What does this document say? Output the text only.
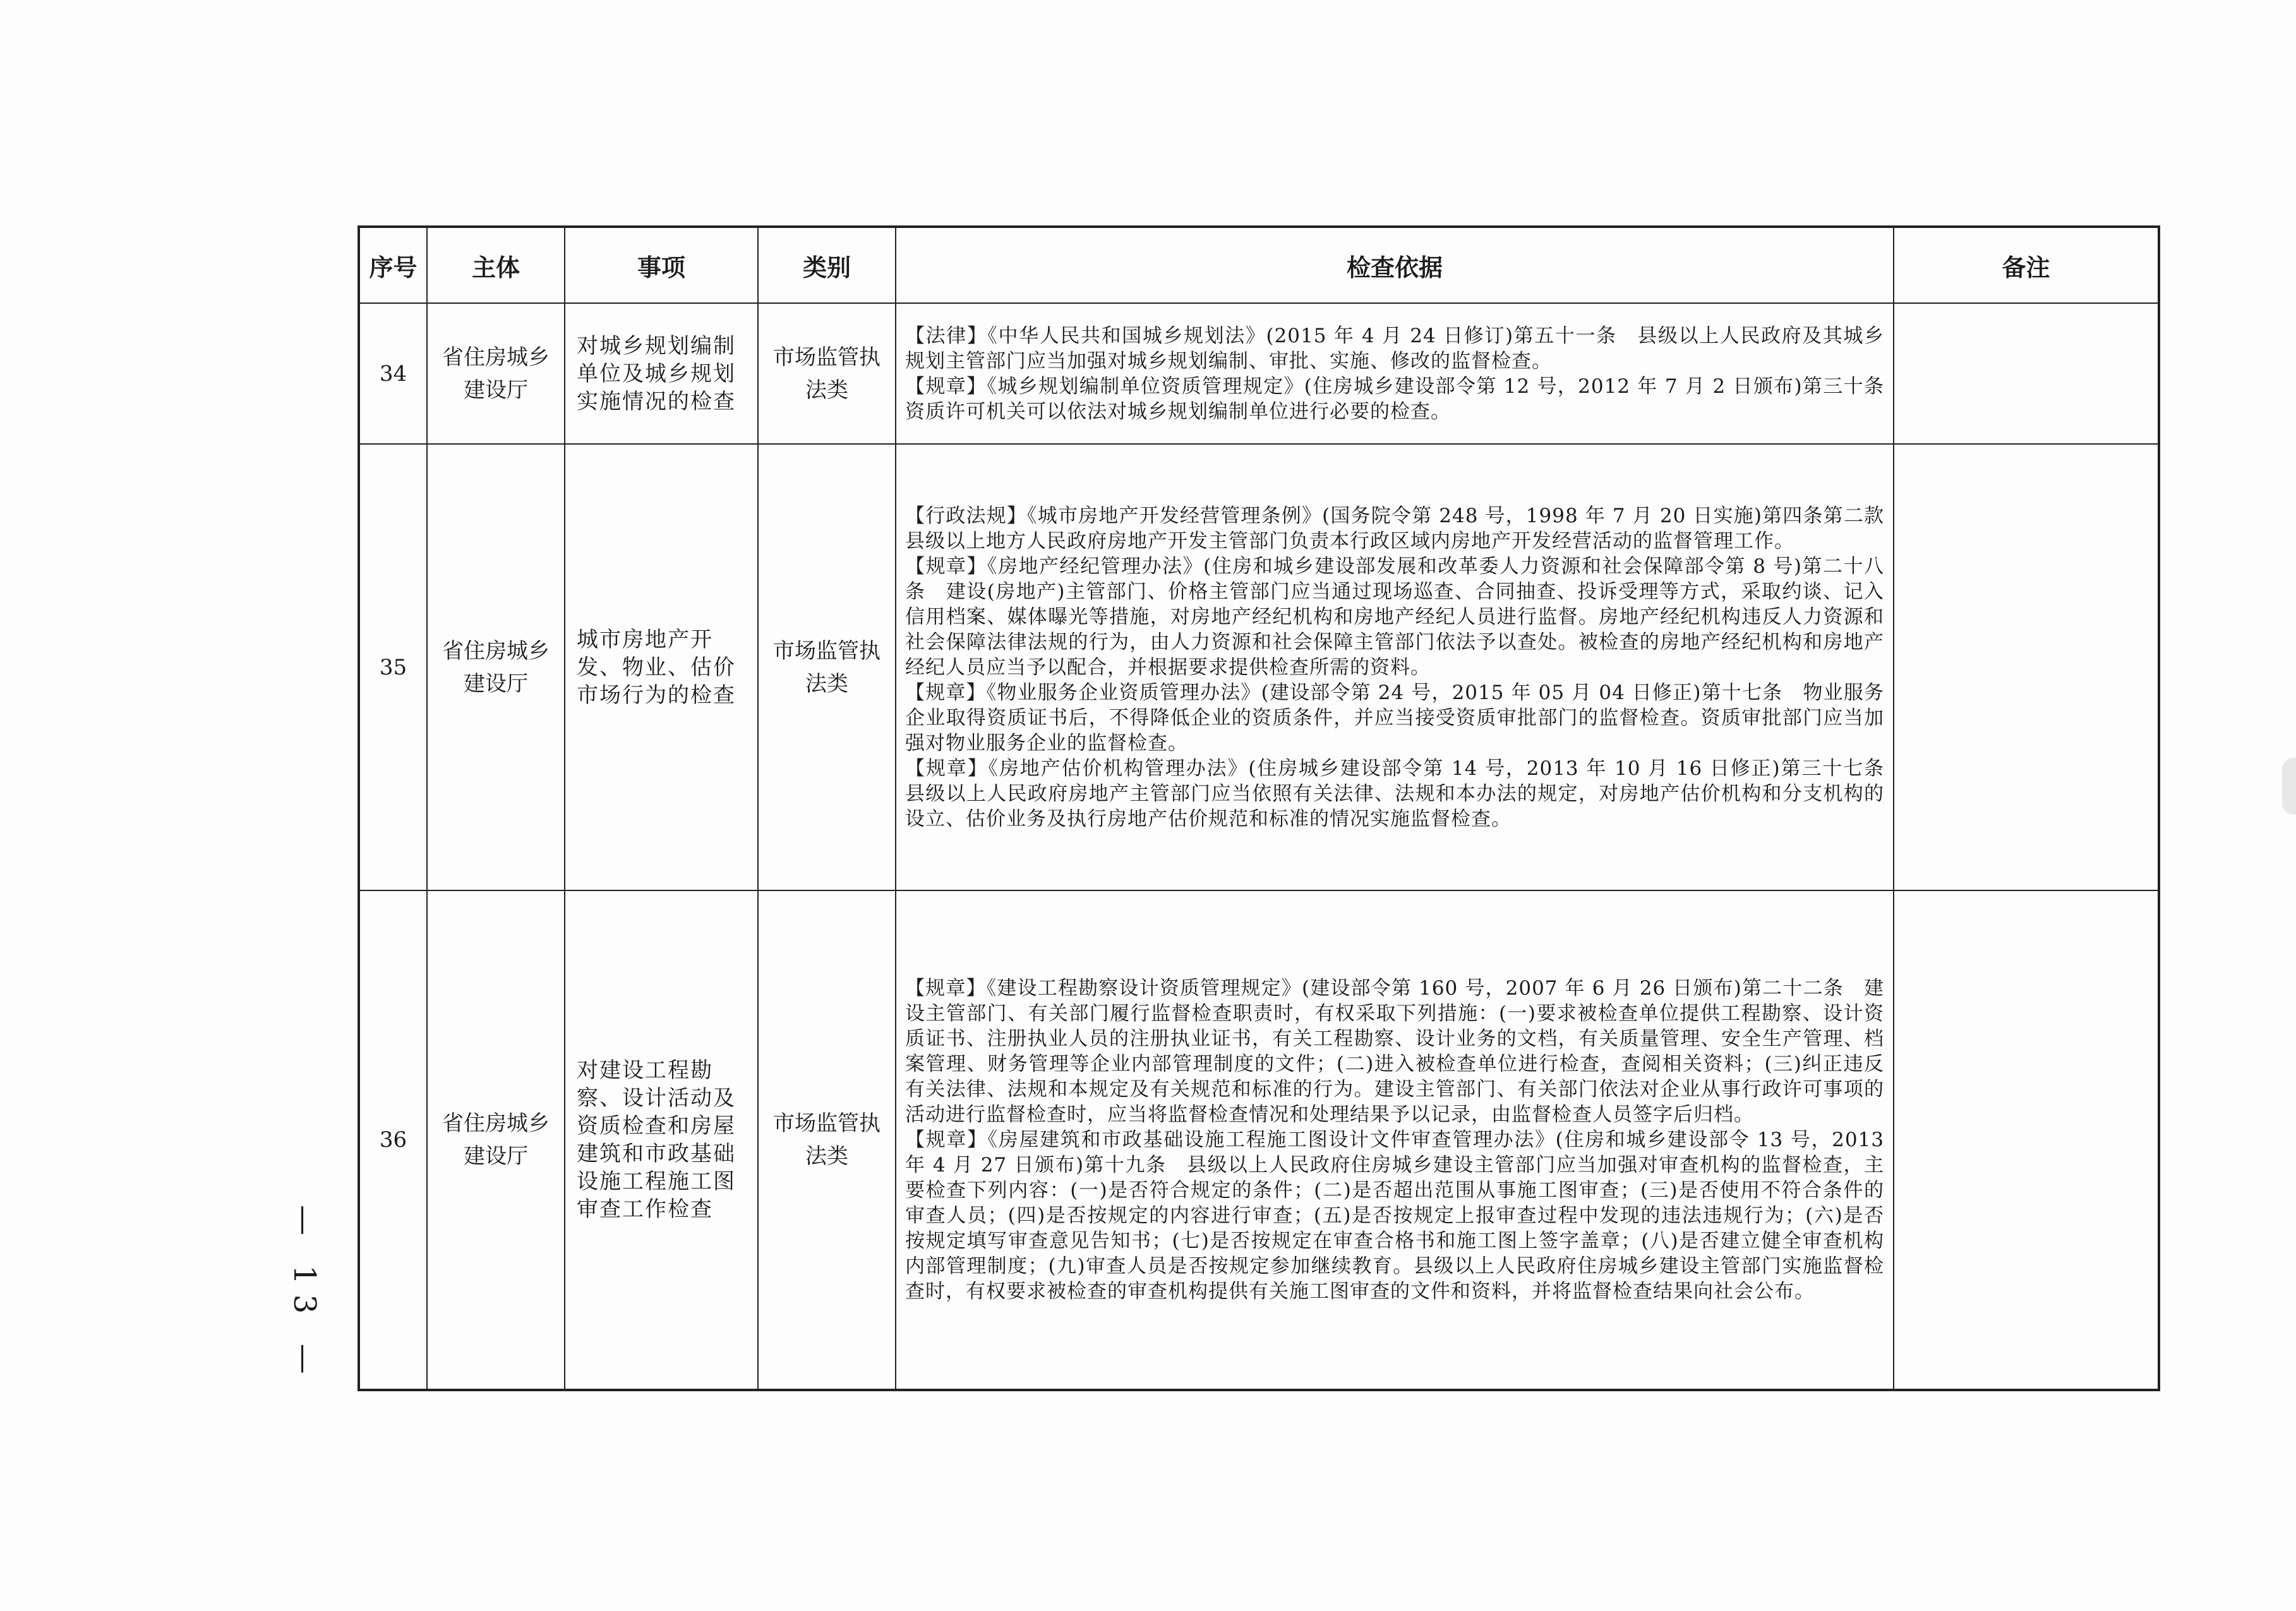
序号	主体	事项	类别	检查依据	备注
34	省住房城乡建设厅	对城乡规划编制单位及城乡规划实施情况的检查	市场监管执法类	【法律】《中华人民共和国城乡规划法》(2015 年 4 月 24 日修订)第五十一条　县级以上人民政府及其城乡规划主管部门应当加强对城乡规划编制、审批、实施、修改的监督检查。

【规章】《城乡规划编制单位资质管理规定》(住房城乡建设部令第 12 号，2012 年 7 月 2 日颁布)第三十条　资质许可机关可以依法对城乡规划编制单位进行必要的检查。	

35	省住房城乡建设厅	城市房地产开发、物业、估价市场行为的检查	市场监管执法类	【行政法规】《城市房地产开发经营管理条例》(国务院令第 248 号，1998 年 7 月 20 日实施)第四条第二款　县级以上地方人民政府房地产开发主管部门负责本行政区域内房地产开发经营活动的监督管理工作。

【规章】《房地产经纪管理办法》(住房和城乡建设部发展和改革委人力资源和社会保障部令第 8 号)第二十八条　建设(房地产)主管部门、价格主管部门应当通过现场巡查、合同抽查、投诉受理等方式，采取约谈、记入信用档案、媒体曝光等措施，对房地产经纪机构和房地产经纪人员进行监督。房地产经纪机构违反人力资源和社会保障法律法规的行为，由人力资源和社会保障主管部门依法予以查处。被检查的房地产经纪机构和房地产经纪人员应当予以配合，并根据要求提供检查所需的资料。

【规章】《物业服务企业资质管理办法》(建设部令第 24 号，2015 年 05 月 04 日修正)第十七条　物业服务企业取得资质证书后，不得降低企业的资质条件，并应当接受资质审批部门的监督检查。资质审批部门应当加强对物业服务企业的监督检查。

【规章】《房地产估价机构管理办法》(住房城乡建设部令第 14 号，2013 年 10 月 16 日修正)第三十七条　县级以上人民政府房地产主管部门应当依照有关法律、法规和本办法的规定，对房地产估价机构和分支机构的设立、估价业务及执行房地产估价规范和标准的情况实施监督检查。	

36	省住房城乡建设厅	对建设工程勘察、设计活动及资质检查和房屋建筑和市政基础设施工程施工图审查工作检查	市场监管执法类	【规章】《建设工程勘察设计资质管理规定》(建设部令第 160 号，2007 年 6 月 26 日颁布)第二十二条　建设主管部门、有关部门履行监督检查职责时，有权采取下列措施：(一)要求被检查单位提供工程勘察、设计资质证书、注册执业人员的注册执业证书，有关工程勘察、设计业务的文档，有关质量管理、安全生产管理、档案管理、财务管理等企业内部管理制度的文件；(二)进入被检查单位进行检查，查阅相关资料；(三)纠正违反有关法律、法规和本规定及有关规范和标准的行为。建设主管部门、有关部门依法对企业从事行政许可事项的活动进行监督检查时，应当将监督检查情况和处理结果予以记录，由监督检查人员签字后归档。

【规章】《房屋建筑和市政基础设施工程施工图设计文件审查管理办法》(住房和城乡建设部令 13 号，2013 年 4 月 27 日颁布)第十九条　县级以上人民政府住房城乡建设主管部门应当加强对审查机构的监督检查，主要检查下列内容：(一)是否符合规定的条件；(二)是否超出范围从事施工图审查；(三)是否使用不符合条件的审查人员；(四)是否按规定的内容进行审查；(五)是否按规定上报审查过程中发现的违法违规行为；(六)是否按规定填写审查意见告知书；(七)是否按规定在审查合格书和施工图上签字盖章；(八)是否建立健全审查机构内部管理制度；(九)审查人员是否按规定参加继续教育。县级以上人民政府住房城乡建设主管部门实施监督检查时，有权要求被检查的审查机构提供有关施工图审查的文件和资料，并将监督检查结果向社会公布。	

— 13 —
